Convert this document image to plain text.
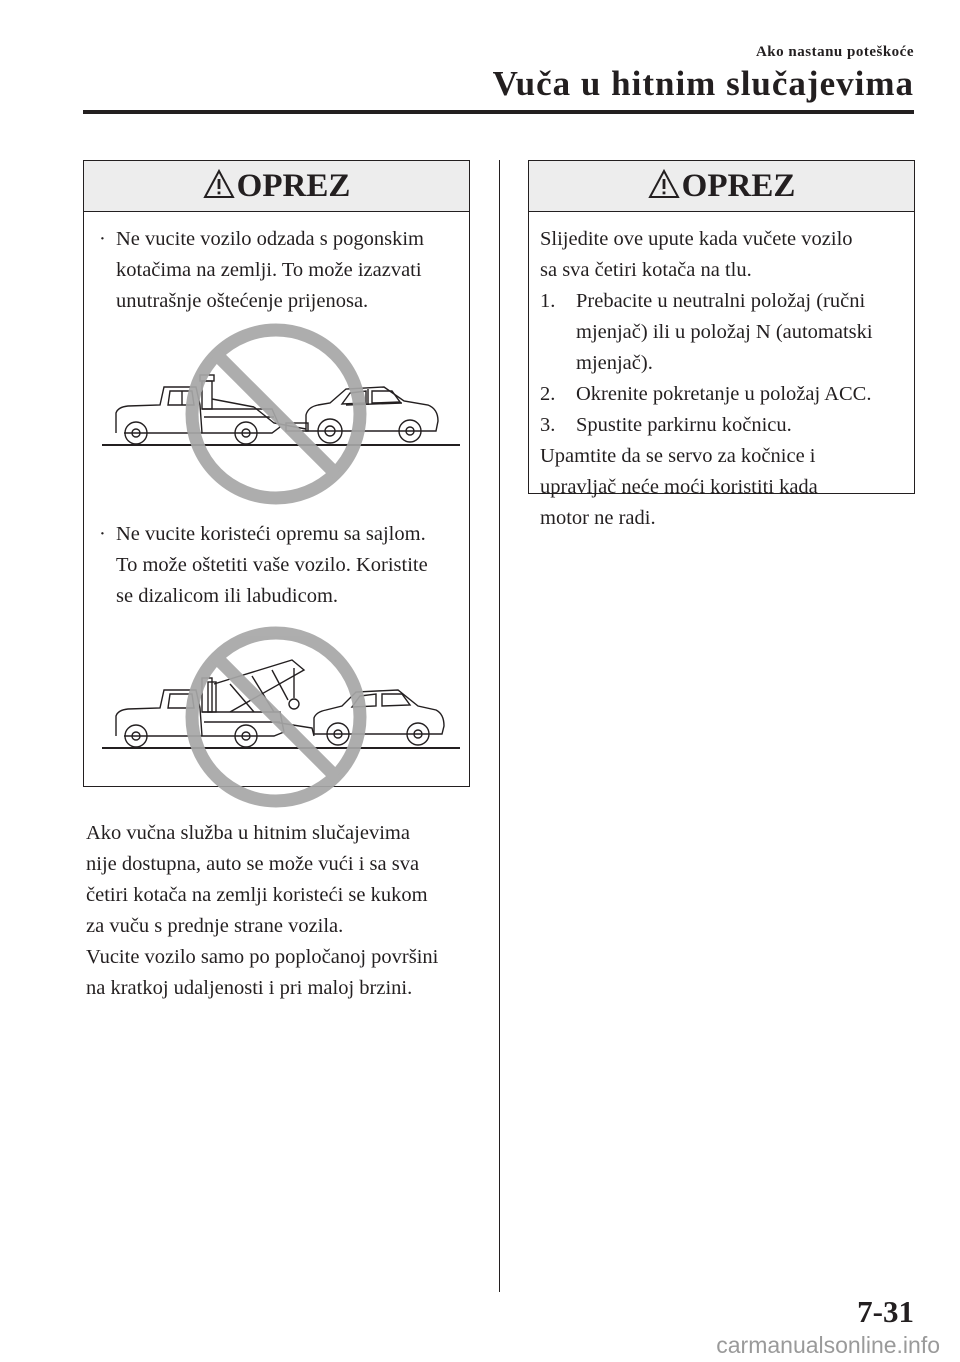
Ako nastanu poteškoće
Vuča u hitnim slučajevima
OPREZ
· Ne vucite vozilo odzada s pogonskim
kotačima na zemlji. To može izazvati
unutrašnje oštećenje prijenosa.
· Ne vucite koristeći opremu sa sajlom.
To može oštetiti vaše vozilo. Koristite
se dizalicom ili labudicom.
Ako vučna služba u hitnim slučajevima
nije dostupna, auto se može vući i sa sva
četiri kotača na zemlji koristeći se kukom
za vuču s prednje strane vozila.
Vucite vozilo samo po popločanoj površini
na kratkoj udaljenosti i pri maloj brzini.
OPREZ
Slijedite ove upute kada vučete vozilo
sa sva četiri kotača na tlu.
1. Prebacite u neutralni položaj (ručni
mjenjač) ili u položaj N (automatski
mjenjač).
2. Okrenite pokretanje u položaj ACC.
3. Spustite parkirnu kočnicu.
Upamtite da se servo za kočnice i
upravljač neće moći koristiti kada
motor ne radi.
7-31
carmanualsonline.info
